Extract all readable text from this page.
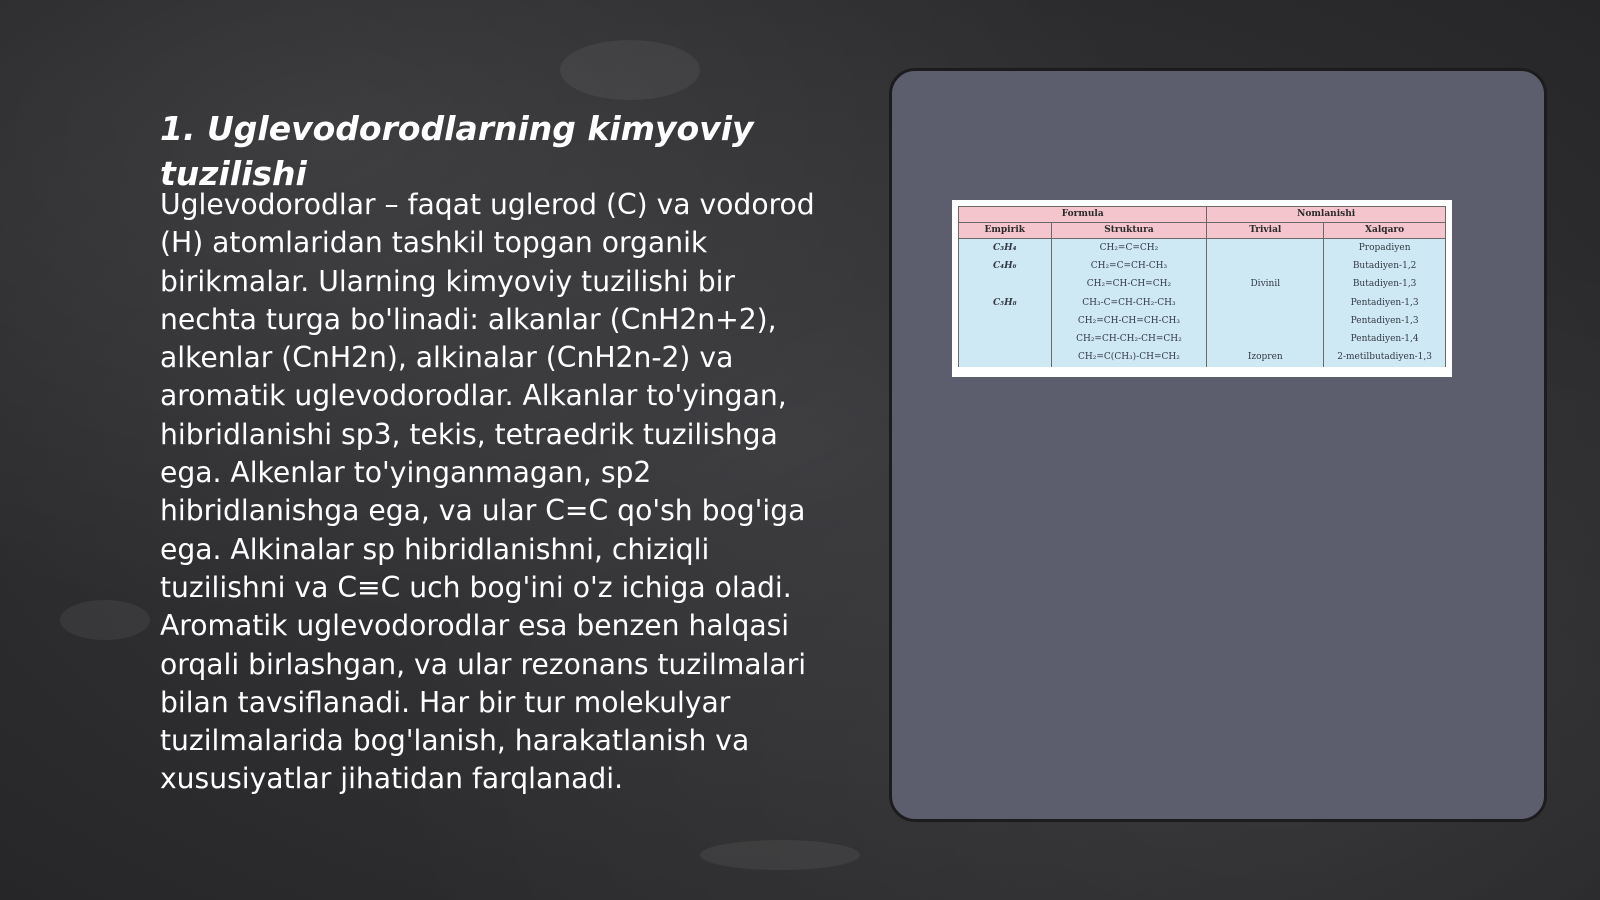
1. Uglevodorodlarning kimyoviy tuzilishi

Uglevodorodlar – faqat uglerod (C) va vodorod (H) atomlaridan tashkil topgan organik birikmalar. Ularning kimyoviy tuzilishi bir nechta turga bo'linadi: alkanlar (CnH2n+2), alkenlar (CnH2n), alkinalar (CnH2n-2) va aromatik uglevodorodlar. Alkanlar to'yingan, hibridlanishi sp3, tekis, tetraedrik tuzilishga ega. Alkenlar to'yinganmagan, sp2 hibridlanishga ega, va ular C=C qo'sh bog'iga ega. Alkinalar sp hibridlanishni, chiziqli tuzilishni va C≡C uch bog'ini o'z ichiga oladi. Aromatik uglevodorodlar esa benzen halqasi orqali birlashgan, va ular rezonans tuzilmalari bilan tavsiflanadi. Har bir tur molekulyar tuzilmalarida bog'lanish, harakatlanish va xususiyatlar jihatidan farqlanadi.

Formula		Nomlanishi	
Empirik	Struktura	Trivial	Xalqaro
C₃H₄	CH₂=C=CH₂		Propadiyen
C₄H₆	CH₂=C=CH-CH₃		Butadiyen-1,2
	CH₂=CH-CH=CH₂	Divinil	Butadiyen-1,3
C₅H₈	CH₃-C=CH-CH₂-CH₃		Pentadiyen-1,3
	CH₂=CH-CH=CH-CH₃		Pentadiyen-1,3
	CH₂=CH-CH₂-CH=CH₂		Pentadiyen-1,4
	CH₂=C(CH₃)-CH=CH₂	Izopren	2-metilbutadiyen-1,3
